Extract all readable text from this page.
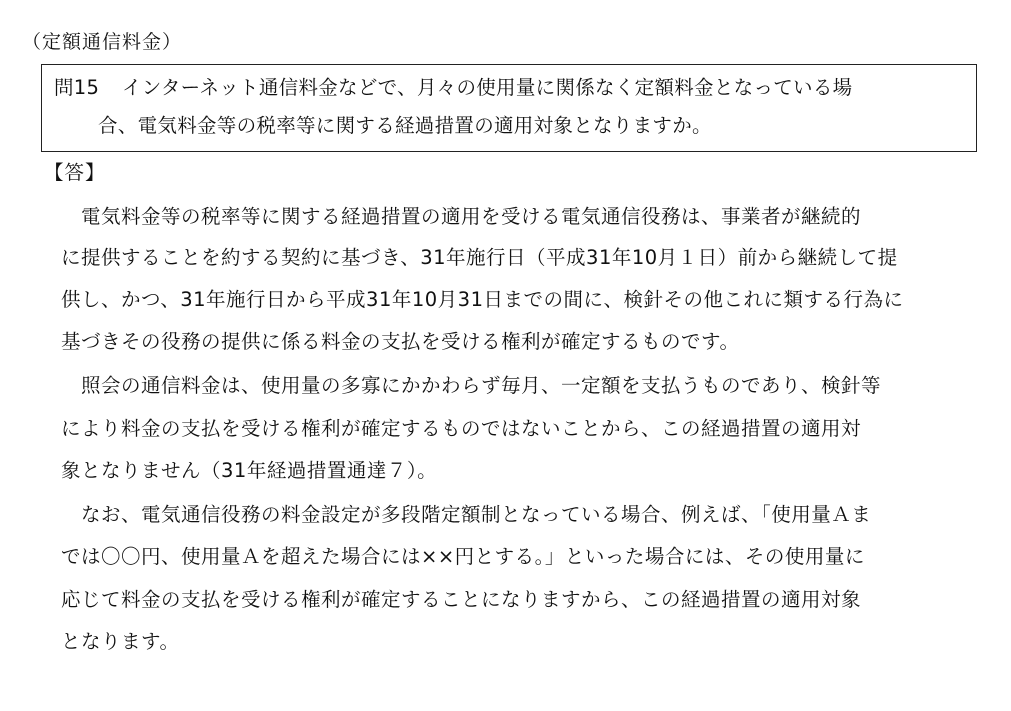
（定額通信料金）
問15 インターネット通信料金などで、月々の使用量に関係なく定額料金となっている場
合、電気料金等の税率等に関する経過措置の適用対象となりますか。
【答】
　電気料金等の税率等に関する経過措置の適用を受ける電気通信役務は、事業者が継続的
に提供することを約する契約に基づき、31年施行日（平成31年10月１日）前から継続して提
供し、かつ、31年施行日から平成31年10月31日までの間に、検針その他これに類する行為に
基づきその役務の提供に係る料金の支払を受ける権利が確定するものです。
　照会の通信料金は、使用量の多寡にかかわらず毎月、一定額を支払うものであり、検針等
により料金の支払を受ける権利が確定するものではないことから、この経過措置の適用対
象となりません（31年経過措置通達７）。
　なお、電気通信役務の料金設定が多段階定額制となっている場合、例えば、「使用量Ａま
では〇〇円、使用量Ａを超えた場合には××円とする。」といった場合には、その使用量に
応じて料金の支払を受ける権利が確定することになりますから、この経過措置の適用対象
となります。
